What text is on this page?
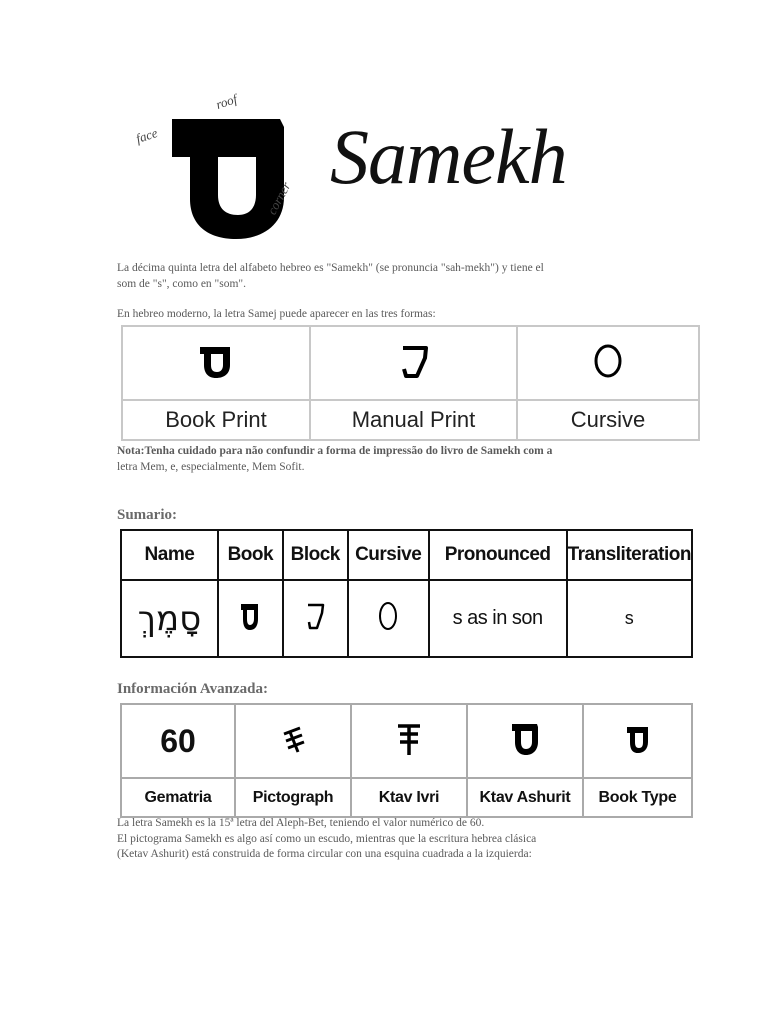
roof
face
corner Samekh
La décima quinta letra del alfabeto hebreo es "Samekh" (se pronuncia "sah-mekh") y tiene el
som de "s", como en "som".
En hebreo moderno, la letra Samej puede aparecer en las tres formas:

Book Print	Manual Print	Cursive
Nota:Tenha cuidado para não confundir a forma de impressão do livro de Samekh com a
letra Mem, e, especialmente, Mem Sofit.
Sumario:
Name	Book	Block	Cursive	Pronounced	Transliteration
סָמֶךְ				s as in son	s
Información Avanzada:
60				
Gematria	Pictograph	Ktav Ivri	Ktav Ashurit	Book Type
La letra Samekh es la 15ª letra del Aleph-Bet, teniendo el valor numérico de 60.
El pictograma Samekh es algo así como un escudo, mientras que la escritura hebrea clásica
(Ketav Ashurit) está construida de forma circular con una esquina cuadrada a la izquierda:
